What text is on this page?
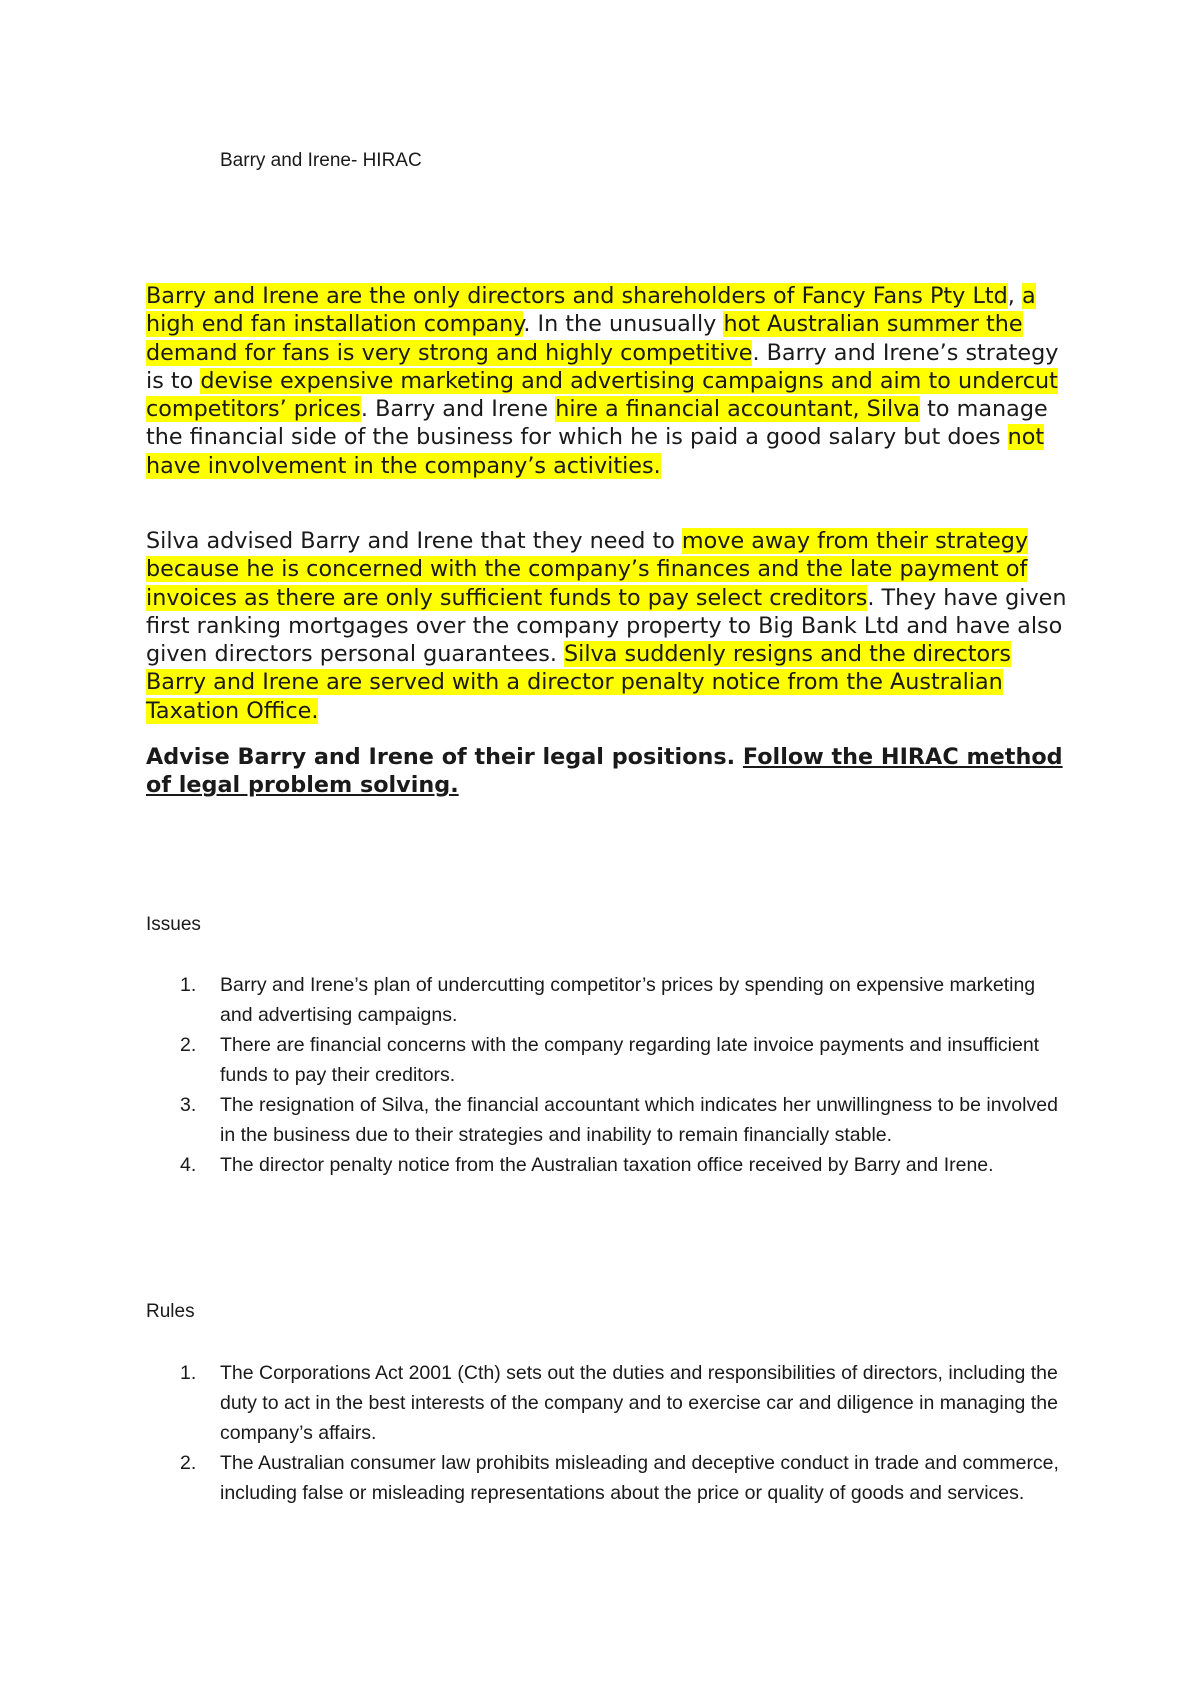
Barry and Irene- HIRAC

Barry and Irene are the only directors and shareholders of Fancy Fans Pty Ltd, a high end fan installation company. In the unusually hot Australian summer the demand for fans is very strong and highly competitive. Barry and Irene’s strategy is to devise expensive marketing and advertising campaigns and aim to undercut competitors’ prices. Barry and Irene hire a financial accountant, Silva to manage the financial side of the business for which he is paid a good salary but does not have involvement in the company’s activities.

Silva advised Barry and Irene that they need to move away from their strategy because he is concerned with the company’s finances and the late payment of invoices as there are only sufficient funds to pay select creditors. They have given first ranking mortgages over the company property to Big Bank Ltd and have also given directors personal guarantees. Silva suddenly resigns and the directors Barry and Irene are served with a director penalty notice from the Australian Taxation Office.

Advise Barry and Irene of their legal positions. Follow the HIRAC method of legal problem solving.

Issues
1. Barry and Irene’s plan of undercutting competitor’s prices by spending on expensive marketing and advertising campaigns.
2. There are financial concerns with the company regarding late invoice payments and insufficient funds to pay their creditors.
3. The resignation of Silva, the financial accountant which indicates her unwillingness to be involved in the business due to their strategies and inability to remain financially stable.
4. The director penalty notice from the Australian taxation office received by Barry and Irene.
Rules
1. The Corporations Act 2001 (Cth) sets out the duties and responsibilities of directors, including the duty to act in the best interests of the company and to exercise car and diligence in managing the company’s affairs.
2. The Australian consumer law prohibits misleading and deceptive conduct in trade and commerce, including false or misleading representations about the price or quality of goods and services.
